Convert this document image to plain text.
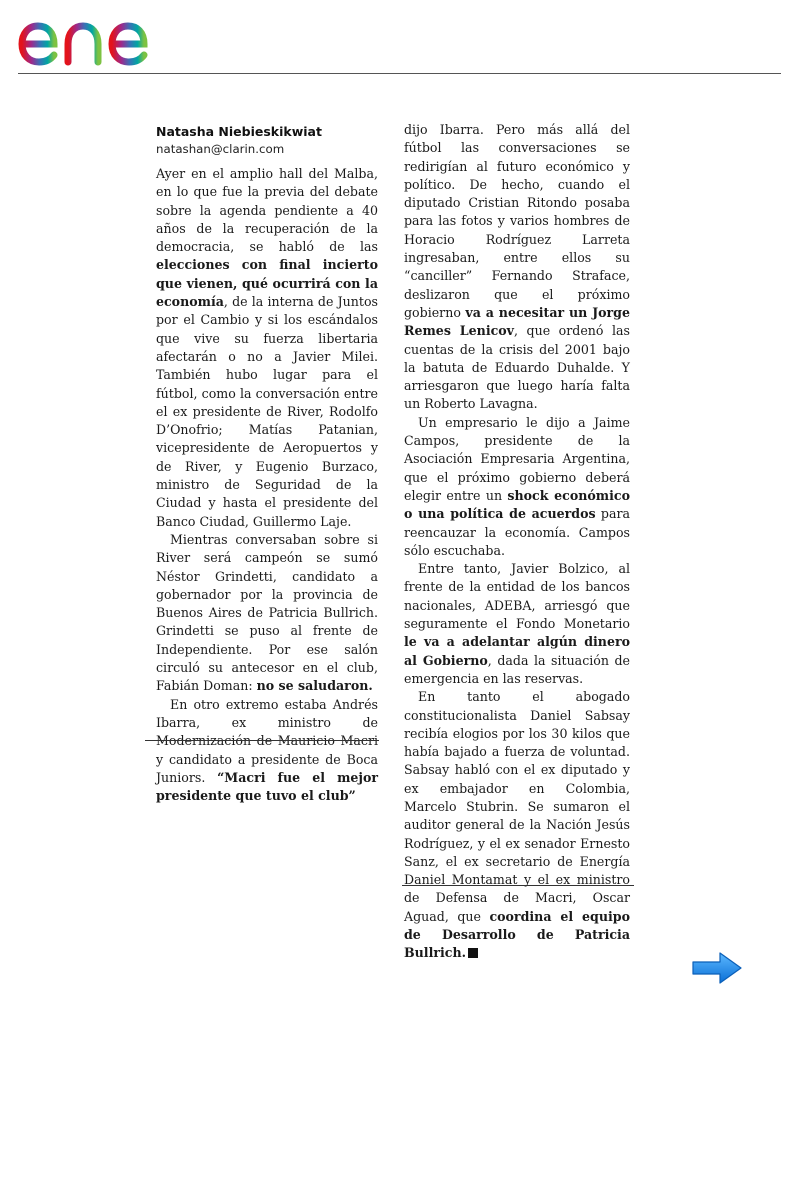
enel
Natasha Niebieskikwiat
natashan@clarin.com

Ayer en el amplio hall del Malba, en lo que fue la previa del debate sobre la agenda pendiente a 40 años de la recuperación de la democracia, se habló de las elecciones con final incierto que vienen, qué ocurrirá con la economía, de la interna de Juntos por el Cambio y si los escándalos que vive su fuerza libertaria afectarán o no a Javier Milei. También hubo lugar para el fútbol, como la conversación entre el ex presidente de River, Rodolfo D’Onofrio; Matías Patanian, vicepresidente de Aeropuertos y de River, y Eugenio Burzaco, ministro de Seguridad de la Ciudad y hasta el presidente del Banco Ciudad, Guillermo Laje.

Mientras conversaban sobre si River será campeón se sumó Néstor Grindetti, candidato a gobernador por la provincia de Buenos Aires de Patricia Bullrich. Grindetti se puso al frente de Independiente. Por ese salón circuló su antecesor en el club, Fabián Doman: no se saludaron.

En otro extremo estaba Andrés Ibarra, ex ministro de Modernización de Mauricio Macri y candidato a presidente de Boca Juniors. “Macri fue el mejor presidente que tuvo el club”

dijo Ibarra. Pero más allá del fútbol las conversaciones se redirigían al futuro económico y político. De hecho, cuando el diputado Cristian Ritondo posaba para las fotos y varios hombres de Horacio Rodríguez Larreta ingresaban, entre ellos su “canciller” Fernando Straface, deslizaron que el próximo gobierno va a necesitar un Jorge Remes Lenicov, que ordenó las cuentas de la crisis del 2001 bajo la batuta de Eduardo Duhalde. Y arriesgaron que luego haría falta un Roberto Lavagna.

Un empresario le dijo a Jaime Campos, presidente de la Asociación Empresaria Argentina, que el próximo gobierno deberá elegir entre un shock económico o una política de acuerdos para reencauzar la economía. Campos sólo escuchaba.

Entre tanto, Javier Bolzico, al frente de la entidad de los bancos nacionales, ADEBA, arriesgó que seguramente el Fondo Monetario le va a adelantar algún dinero al Gobierno, dada la situación de emergencia en las reservas.

En tanto el abogado constitucionalista Daniel Sabsay recibía elogios por los 30 kilos que había bajado a fuerza de voluntad. Sabsay habló con el ex diputado y ex embajador en Colombia, Marcelo Stubrin. Se sumaron el auditor general de la Nación Jesús Rodríguez, y el ex senador Ernesto Sanz, el ex secretario de Energía Daniel Montamat y el ex ministro de Defensa de Macri, Oscar Aguad, que coordina el equipo de Desarrollo de Patricia Bullrich.
